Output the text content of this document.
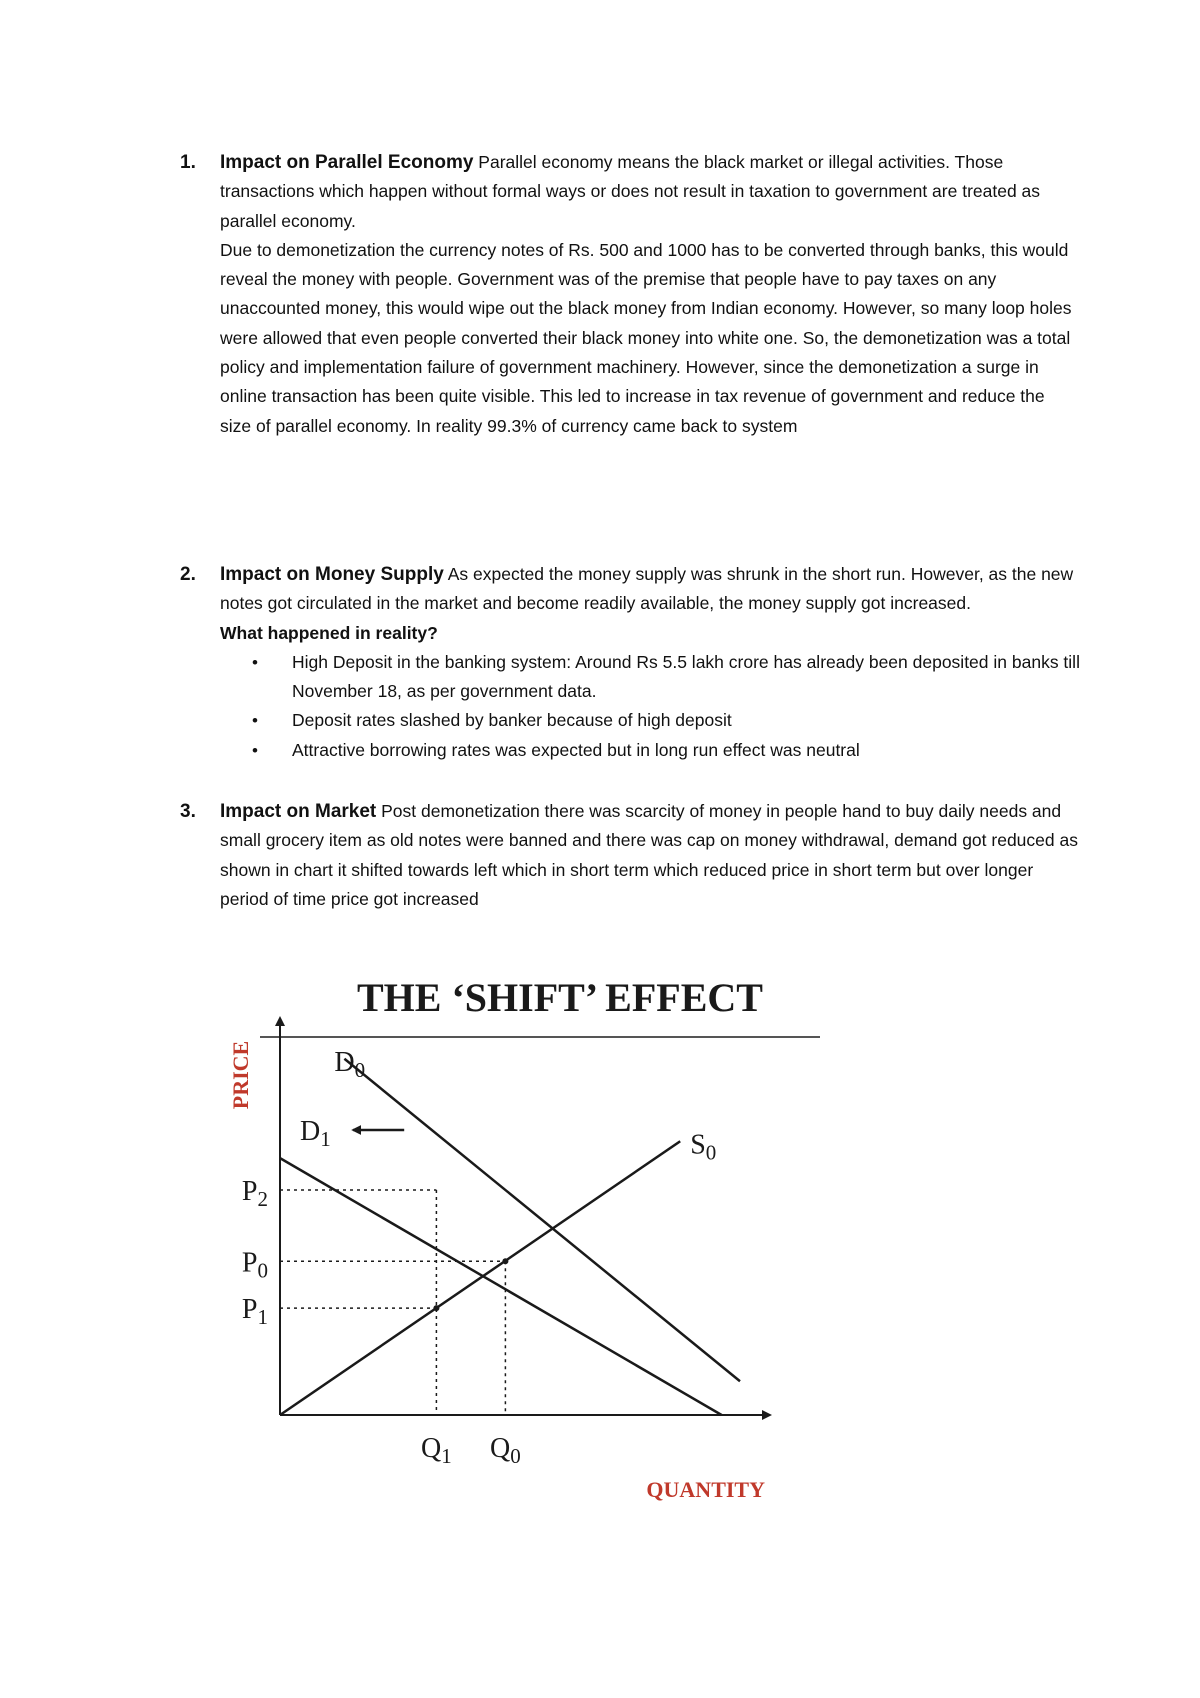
1. Impact on Parallel Economy Parallel economy means the black market or illegal activities. Those transactions which happen without formal ways or does not result in taxation to government are treated as parallel economy.

Due to demonetization the currency notes of Rs. 500 and 1000 has to be converted through banks, this would reveal the money with people. Government was of the premise that people have to pay taxes on any unaccounted money, this would wipe out the black money from Indian economy. However, so many loop holes were allowed that even people converted their black money into white one. So, the demonetization was a total policy and implementation failure of government machinery. However, since the demonetization a surge in online transaction has been quite visible. This led to increase in tax revenue of government and reduce the size of parallel economy. In reality 99.3% of currency came back to system

2. Impact on Money Supply As expected the money supply was shrunk in the short run. However, as the new notes got circulated in the market and become readily available, the money supply got increased.

What happened in reality?

• High Deposit in the banking system: Around Rs 5.5 lakh crore has already been deposited in banks till November 18, as per government data.
• Deposit rates slashed by banker because of high deposit
• Attractive borrowing rates was expected but in long run effect was neutral
3. Impact on Market Post demonetization there was scarcity of money in people hand to buy daily needs and small grocery item as old notes were banned and there was cap on money withdrawal, demand got reduced as shown in chart it shifted towards left which in short term which reduced price in short term but over longer period of time price got increased

THE ‘SHIFT’ EFFECT
PRICE
QUANTITY
$S_0$
$D_0$
$D_1$
$P_2$
$P_0$
$P_1$
$Q_1$ $Q_0$
